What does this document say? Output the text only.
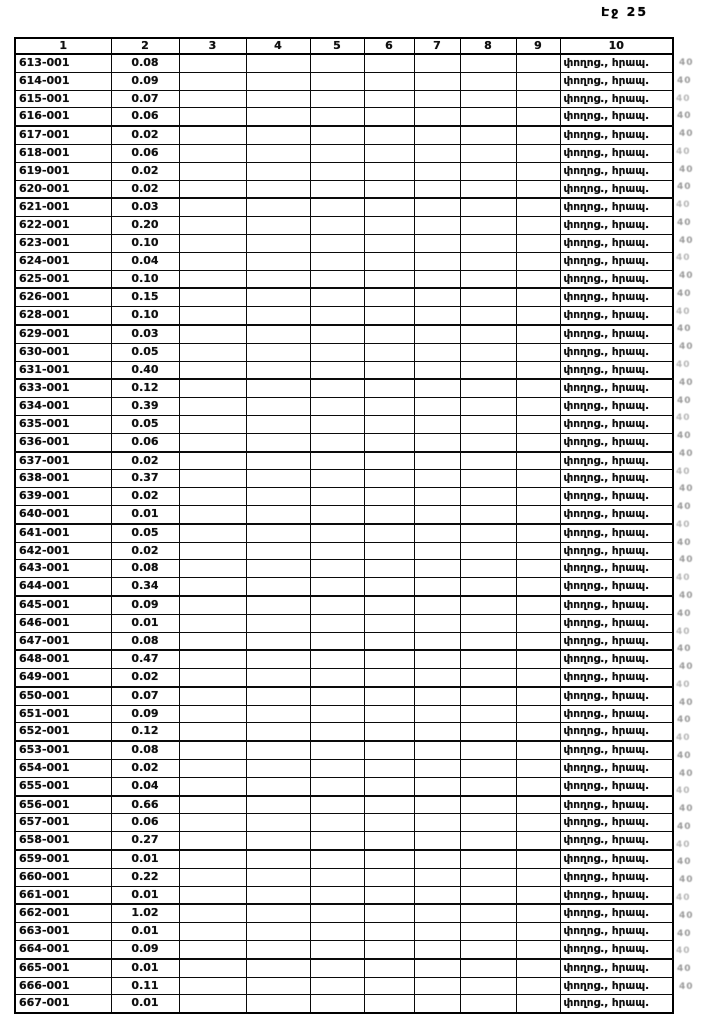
Էջ 25
1	2	3	4	5	6	7	8	9	10
613-001	0.08								փողոց., հրապ.
614-001	0.09								փողոց., հրապ.
615-001	0.07								փողոց., հրապ.
616-001	0.06								փողոց., հրապ.
617-001	0.02								փողոց., հրապ.
618-001	0.06								փողոց., հրապ.
619-001	0.02								փողոց., հրապ.
620-001	0.02								փողոց., հրապ.
621-001	0.03								փողոց., հրապ.
622-001	0.20								փողոց., հրապ.
623-001	0.10								փողոց., հրապ.
624-001	0.04								փողոց., հրապ.
625-001	0.10								փողոց., հրապ.
626-001	0.15								փողոց., հրապ.
628-001	0.10								փողոց., հրապ.
629-001	0.03								փողոց., հրապ.
630-001	0.05								փողոց., հրապ.
631-001	0.40								փողոց., հրապ.
633-001	0.12								փողոց., հրապ.
634-001	0.39								փողոց., հրապ.
635-001	0.05								փողոց., հրապ.
636-001	0.06								փողոց., հրապ.
637-001	0.02								փողոց., հրապ.
638-001	0.37								փողոց., հրապ.
639-001	0.02								փողոց., հրապ.
640-001	0.01								փողոց., հրապ.
641-001	0.05								փողոց., հրապ.
642-001	0.02								փողոց., հրապ.
643-001	0.08								փողոց., հրապ.
644-001	0.34								փողոց., հրապ.
645-001	0.09								փողոց., հրապ.
646-001	0.01								փողոց., հրապ.
647-001	0.08								փողոց., հրապ.
648-001	0.47								փողոց., հրապ.
649-001	0.02								փողոց., հրապ.
650-001	0.07								փողոց., հրապ.
651-001	0.09								փողոց., հրապ.
652-001	0.12								փողոց., հրապ.
653-001	0.08								փողոց., հրապ.
654-001	0.02								փողոց., հրապ.
655-001	0.04								փողոց., հրապ.
656-001	0.66								փողոց., հրապ.
657-001	0.06								փողոց., հրապ.
658-001	0.27								փողոց., հրապ.
659-001	0.01								փողոց., հրապ.
660-001	0.22								փողոց., հրապ.
661-001	0.01								փողոց., հրապ.
662-001	1.02								փողոց., հրապ.
663-001	0.01								փողոց., հրապ.
664-001	0.09								փողոց., հրապ.
665-001	0.01								փողոց., հրապ.
666-001	0.11								փողոց., հրապ.
667-001	0.01								փողոց., հրապ.
40
40
40
40
40
40
40
40
40
40
40
40
40
40
40
40
40
40
40
40
40
40
40
40
40
40
40
40
40
40
40
40
40
40
40
40
40
40
40
40
40
40
40
40
40
40
40
40
40
40
40
40
40
